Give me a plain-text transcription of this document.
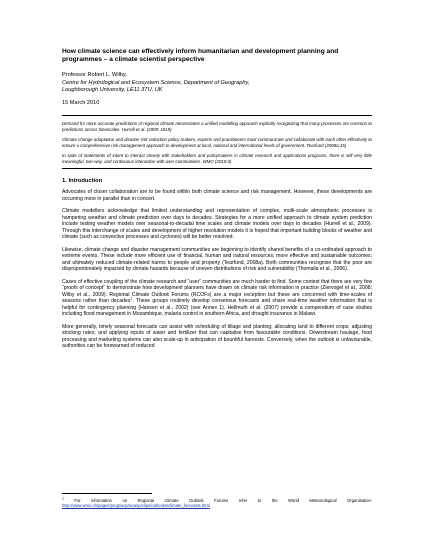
How climate science can effectively inform humanitarian and development planning and programmes – a climate scientist perspective
Professor Robert L. Wilby,
Centre for Hydrological and Ecosystem Science, Department of Geography,
Loughborough University, LE11 3TU, UK
15 March 2010
Demand for more accurate predictions of regional climate necessitates a unified modelling approach explicitly recognizing that many processes are common to predictions across timescales. Hurrell et al. (2009: 1819)
Climate change adaptation and disaster risk reduction policy makers, experts and practitioners must communicate and collaborate with each other effectively to ensure a comprehensive risk management approach to development at local, national and international levels of government. Tearfund (2008a:15)
In spite of statements of intent to interact closely with stakeholders and policymakers in climate research and applications programs, there is still very little meaningful, two-way, and continuous interaction with user communities. WMO (2010:4)
1. Introduction

Advocates of closer collaboration are to be found within both climate science and risk management. However, these developments are occurring more in parallel than in concert.

Climate modellers acknowledge that limited understanding and representation of complex, multi-scale atmospheric processes is hampering weather and climate prediction over days to decades. Strategies for a more unified approach to climate system prediction include testing weather models over seasonal-to-decadal time scales and climate models over days to decades (Hurrell et al., 2009). Through this interchange of scales and development of higher resolution models it is hoped that important building blocks of weather and climate (such as convective processes and cyclones) will be better resolved.

Likewise, climate change and disaster management communities are beginning to identify shared benefits of a co-ordinated approach to extreme events. These include more efficient use of financial, human and natural resources; more effective and sustainable outcomes; and ultimately reduced climate-related harms to people and property (Tearfund, 2008a). Both communities recognise that the poor are disproportionately impacted by climate hazards because of uneven distributions of risk and vulnerability (Thomalla et al., 2006).

Cases of effective coupling of the climate research and “user” communities are much harder to find. Some contest that there are very few “proofs of concept” to demonstrate how development planners have drawn on climate risk information in practice (Ziervogel et al., 2008; Wilby et al., 2009). Regional Climate Outlook Forums (RCOFs) are a major exception but these are concerned with time-scales of seasons rather than decades$^1$. These groups routinely develop consensus forecasts and share real-time weather information that is helpful for contingency planning (Hansen et al., 2002) (see Annex 1). Hellmuth et al. (2007) provide a compendium of case studies including flood management in Mozambique, malaria control in southern Africa, and drought insurance in Malawi.

More generally, timely seasonal forecasts can assist with scheduling of tillage and planting; allocating land to different crops; adjusting stocking rates; and applying inputs of water and fertilizer that can capitalise from favourable conditions. Downstream haulage, food processing and marketing systems can also scale-up in anticipation of bountiful harvests. Conversely, when the outlook is unfavourable, authorities can be forewarned of reduced

$^1$ For information on Regional Climate Outlook Forums refer to the World Meteorological Organisation: http://www.wmo.ch/pages/prog/wcp/wcasp/clips/outlooks/climate_forecasts.html
